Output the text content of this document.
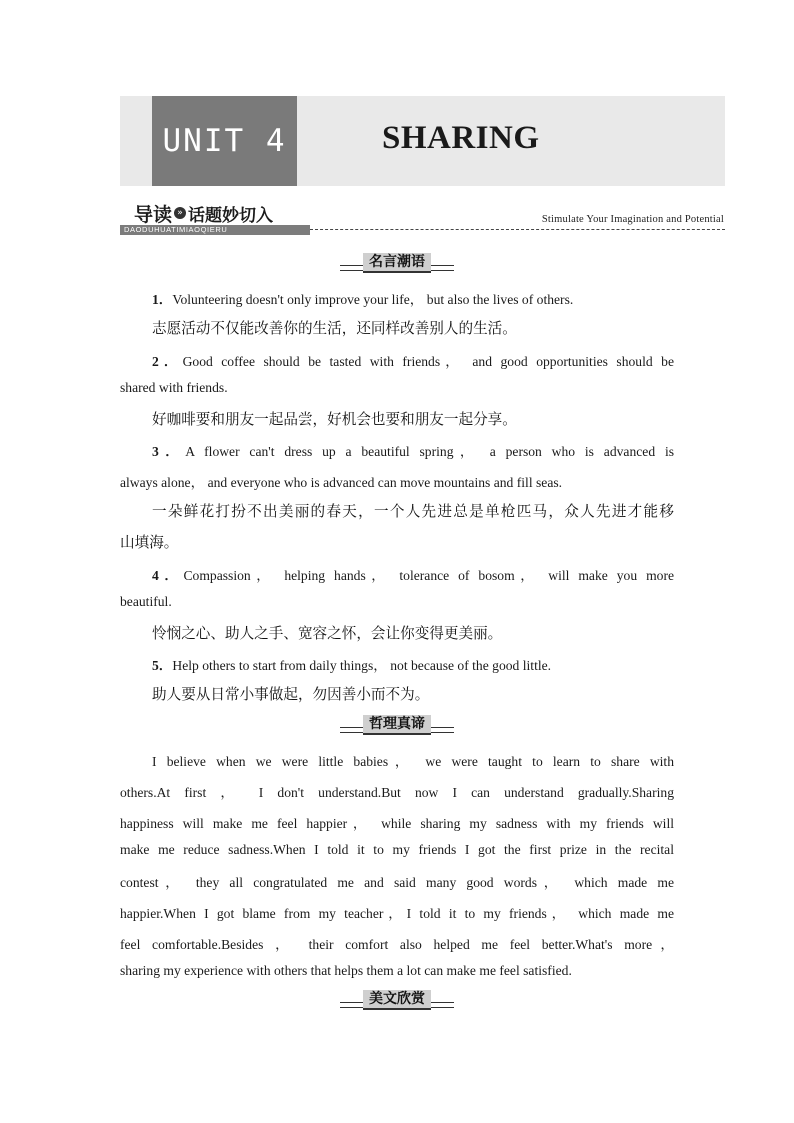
UNIT 4	SHARING
导读 » 话题妙切入
DAODUHUATIMIAOQIERU
Stimulate Your Imagination and Potential
名言潮语
1．Volunteering doesn't only improve your life， but also the lives of others.
志愿活动不仅能改善你的生活，还同样改善别人的生活。
2．Good coffee should be tasted with friends， and good opportunities should be
shared with friends.
好咖啡要和朋友一起品尝，好机会也要和朋友一起分享。
3．A flower can't dress up a beautiful spring， a person who is advanced is
always alone， and everyone who is advanced can move mountains and fill seas.
一朵鲜花打扮不出美丽的春天，一个人先进总是单枪匹马，众人先进才能移
山填海。
4．Compassion， helping hands， tolerance of bosom， will make you more
beautiful.
怜悯之心、助人之手、宽容之怀，会让你变得更美丽。
5．Help others to start from daily things， not because of the good little.
助人要从日常小事做起，勿因善小而不为。
哲理真谛
I believe when we were little babies， we were taught to learn to share with
others.At first ， I don't understand.But now I can understand gradually.Sharing
happiness will make me feel happier， while sharing my sadness with my friends will
make me reduce sadness.When I told it to my friends I got the first prize in the recital
contest， they all congratulated me and said many good words， which made me
happier.When I got blame from my teacher，I told it to my friends， which made me
feel comfortable.Besides ， their comfort also helped me feel better.What's more，
sharing my experience with others that helps them a lot can make me feel satisfied.
美文欣赏
